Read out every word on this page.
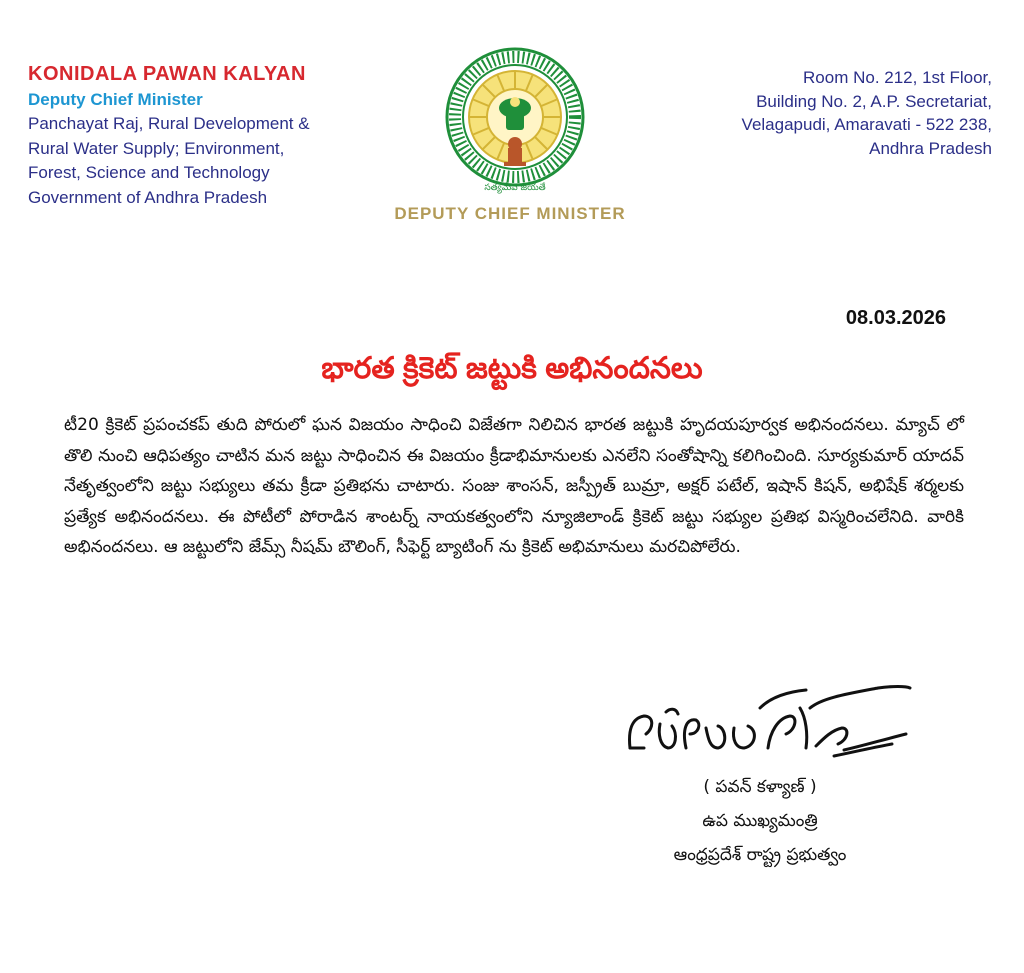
KONIDALA PAWAN KALYAN
Deputy Chief Minister
Panchayat Raj, Rural Development &
Rural Water Supply; Environment,
Forest, Science and Technology
Government of Andhra Pradesh	సత్యమేవ జయతే
DEPUTY CHIEF MINISTER
Room No. 212, 1st Floor,
Building No. 2, A.P. Secretariat,
Velagapudi, Amaravati - 522 238,
Andhra Pradesh
08.03.2026
భారత క్రికెట్ జట్టుకి అభినందనలు
టీ20 క్రికెట్ ప్రపంచకప్ తుది పోరులో ఘన విజయం సాధించి విజేతగా నిలిచిన భారత జట్టుకి హృదయపూర్వక అభినందనలు. మ్యాచ్ లో తొలి నుంచి ఆధిపత్యం చాటిన మన జట్టు సాధించిన ఈ విజయం క్రీడాభిమానులకు ఎనలేని సంతోషాన్ని కలిగించింది. సూర్యకుమార్ యాదవ్ నేతృత్వంలోని జట్టు సభ్యులు తమ క్రీడా ప్రతిభను చాటారు. సంజు శాంసన్, జస్ప్రీత్ బుమ్రా, అక్షర్ పటేల్, ఇషాన్ కిషన్, అభిషేక్ శర్మలకు ప్రత్యేక అభినందనలు. ఈ పోటీలో పోరాడిన శాంటర్న్ నాయకత్వంలోని న్యూజిలాండ్ క్రికెట్ జట్టు సభ్యుల ప్రతిభ విస్మరించలేనిది. వారికి అభినందనలు. ఆ జట్టులోని జేమ్స్ నీషమ్ బౌలింగ్, సీఫెర్ట్ బ్యాటింగ్ ను క్రికెట్ అభిమానులు మరచిపోలేరు.
( పవన్ కళ్యాణ్ )
ఉప ముఖ్యమంత్రి
ఆంధ్రప్రదేశ్ రాష్ట్ర ప్రభుత్వం
